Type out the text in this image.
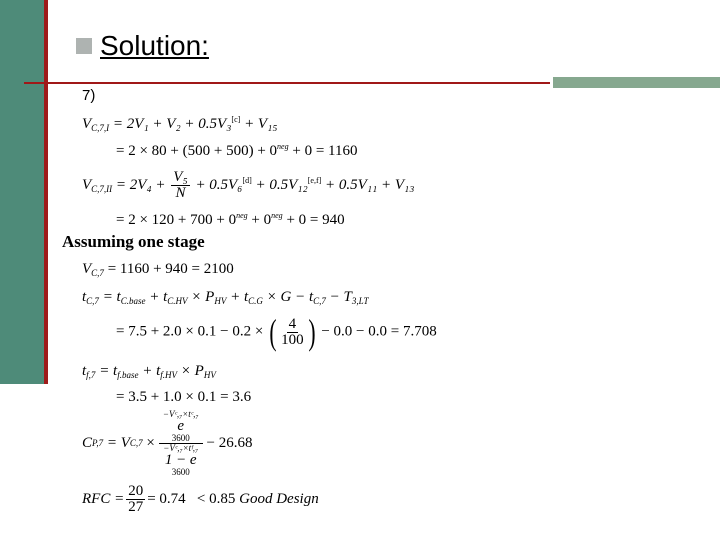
Solution:
7)
$V_{C,7,I} = 2V_1 + V_2 + 0.5V_3[c] + V_{15}$
= $2 \times 80 + (500 + 500) + 0^{neg} + 0 = 1160$
$V_{C,7,II} = 2V_4 + \frac{\text{V₅}}{N} + 0.5V_6[d] + 0.5V_{12}[e,f] + 0.5V_{11} + V_{13}$
= $2 \times 120 + 700 + 0^{neg} + 0^{neg} + 0 = 940$
Assuming one stage
$V_{C,7} = 1160 + 940 = 2100$
$t_{C,7} = t_{C.base} + t_{C.HV} \times P_{HV} + t_{C.G} \times G - t_{C,7} - T_{3,LT}$
= 7.5 + 2.0 × 0.1 − 0.2 × ( $\frac{4}{100}$ ) − 0.0 − 0.0 = 7.708
$t_{f,7} = t_{f.base} + t_{f.HV} \times P_{HV}$
= 3.5 + 1.0 × 0.1 = 3.6
C P,7
= V C,7
× −Vᶜ,₇×tᶜ,₇
e
3600
−Vᶜ,₇×tᶠ,₇
1 − e
3600 − 26.68
RFC = $\frac{20}{27} = 0.74$
< 0.85
Good Design
